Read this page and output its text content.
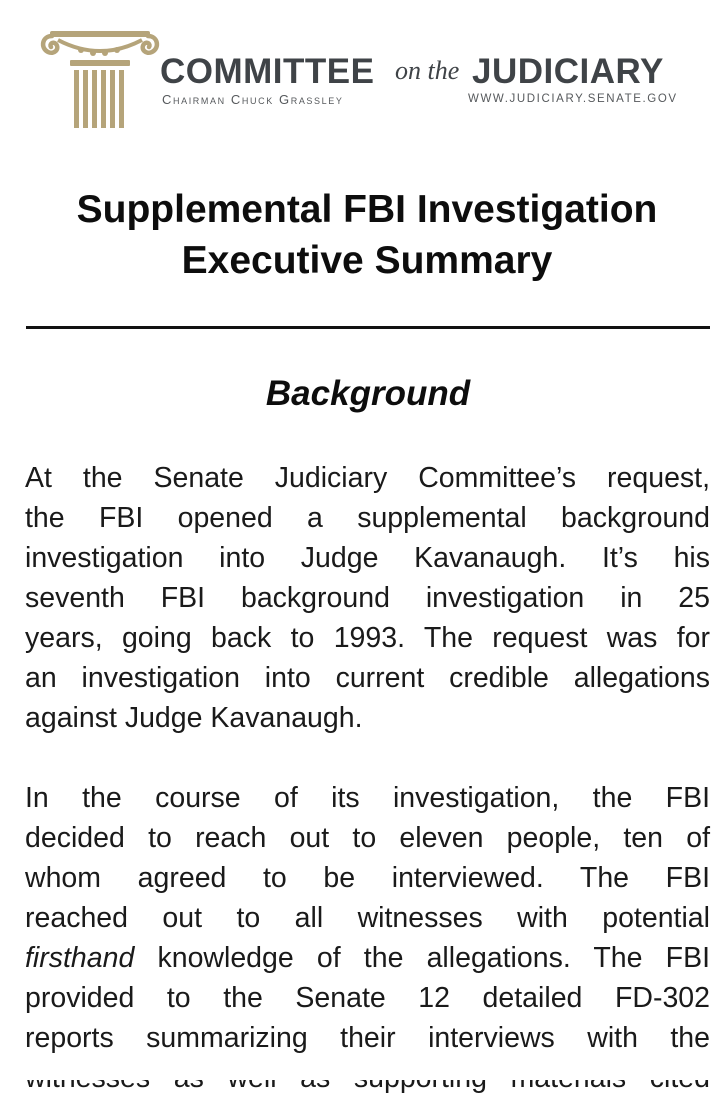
COMMITTEE on the JUDICIARY
Chairman Chuck Grassley	WWW.JUDICIARY.SENATE.GOV
Supplemental FBI Investigation
Executive Summary
Background
At the Senate Judiciary Committee’s request,
the FBI opened a supplemental background
investigation into Judge Kavanaugh. It’s his
seventh FBI background investigation in 25
years, going back to 1993. The request was for
an investigation into current credible allegations
against Judge Kavanaugh.
In the course of its investigation, the FBI
decided to reach out to eleven people, ten of
whom agreed to be interviewed. The FBI
reached out to all witnesses with potential
firsthand knowledge of the allegations. The FBI
provided to the Senate 12 detailed FD-302
reports summarizing their interviews with the
